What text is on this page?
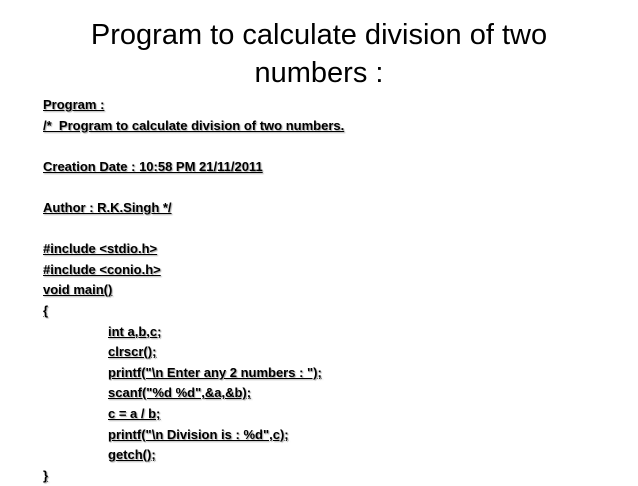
Program to calculate division of two
numbers :
Program :
/*  Program to calculate division of two numbers.
Creation Date : 10:58 PM 21/11/2011
Author : R.K.Singh */
#include <stdio.h>
#include <conio.h>
void main()
{
int a,b,c;
clrscr();
printf("\n Enter any 2 numbers : ");
scanf("%d %d",&a,&b);
c = a / b;
printf("\n Division is : %d",c);
getch();
}
